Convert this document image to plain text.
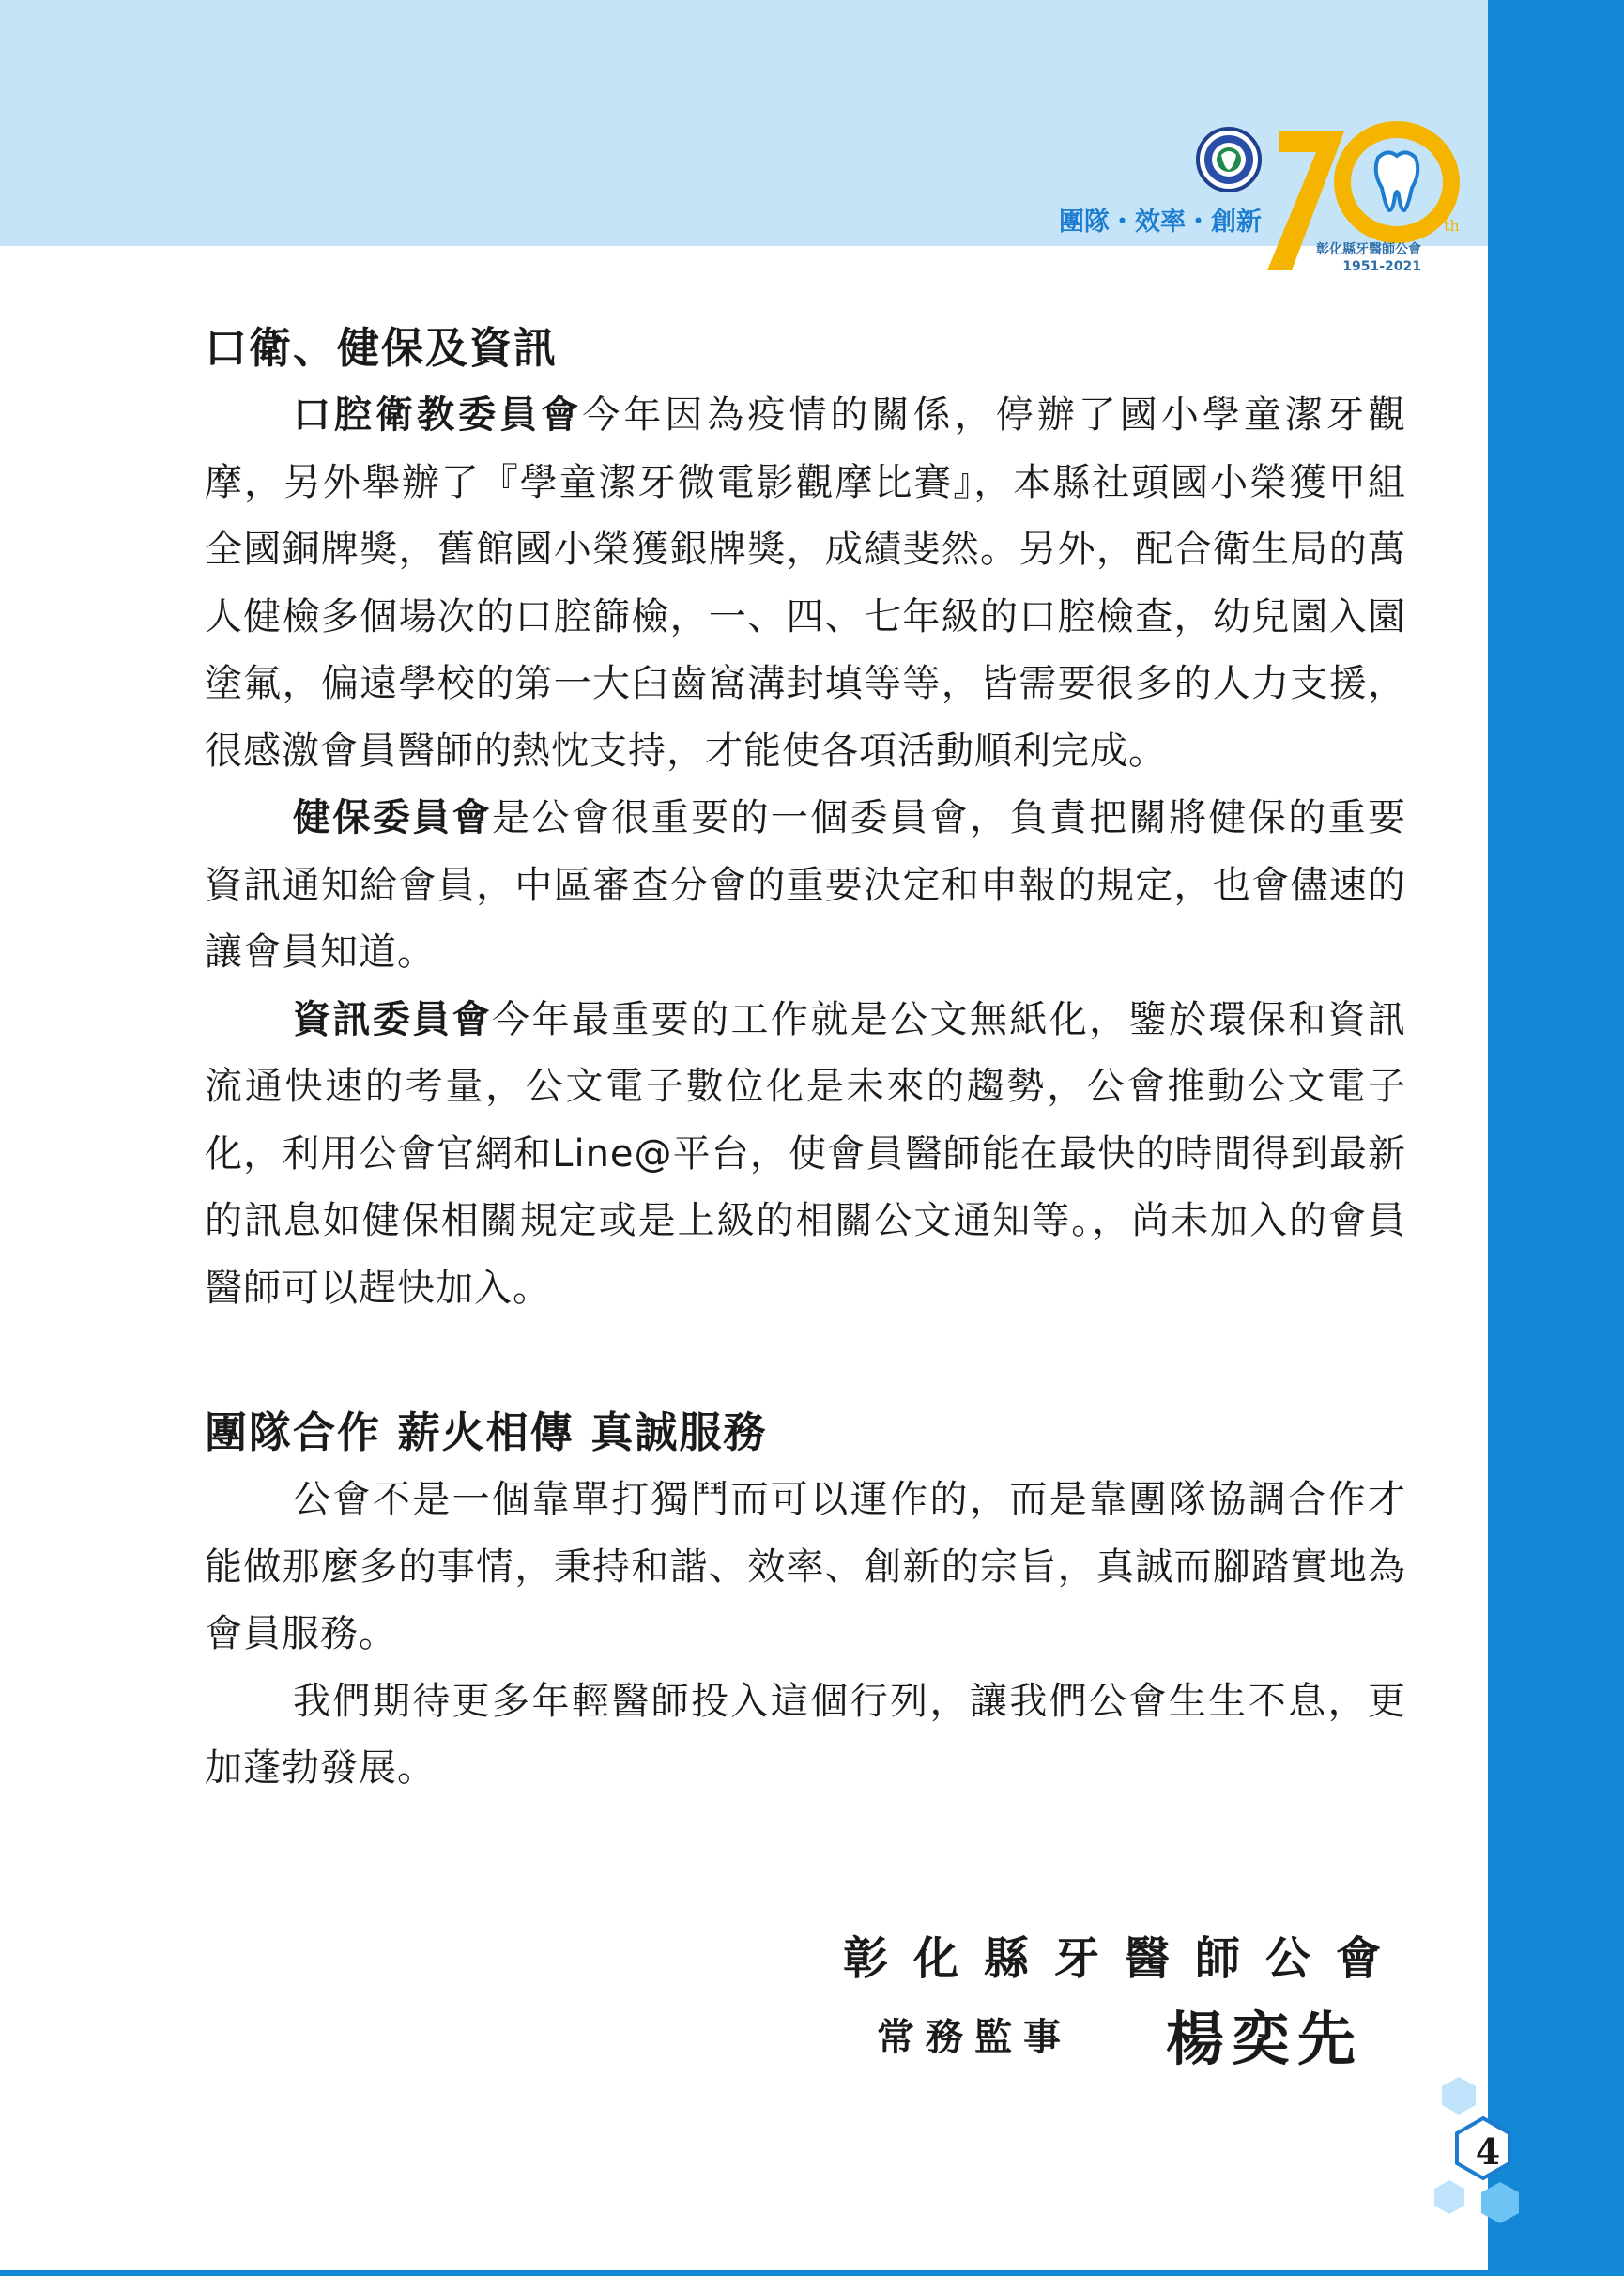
團隊・效率・創新	th
彰化縣牙醫師公會
1951-2021
口衛、健保及資訊

口腔衛教委員會今年因為疫情的關係，停辦了國小學童潔牙觀摩，另外舉辦了『學童潔牙微電影觀摩比賽』，本縣社頭國小榮獲甲組全國銅牌獎，舊館國小榮獲銀牌獎，成績斐然。另外，配合衛生局的萬人健檢多個場次的口腔篩檢，一、四、七年級的口腔檢查，幼兒園入園塗氟，偏遠學校的第一大臼齒窩溝封填等等，皆需要很多的人力支援，很感激會員醫師的熱忱支持，才能使各項活動順利完成。

健保委員會是公會很重要的一個委員會，負責把關將健保的重要資訊通知給會員，中區審查分會的重要決定和申報的規定，也會儘速的讓會員知道。

資訊委員會今年最重要的工作就是公文無紙化，鑒於環保和資訊流通快速的考量，公文電子數位化是未來的趨勢，公會推動公文電子化，利用公會官網和Line@平台，使會員醫師能在最快的時間得到最新的訊息如健保相關規定或是上級的相關公文通知等。，尚未加入的會員醫師可以趕快加入。

團隊合作 薪火相傳 真誠服務

公會不是一個靠單打獨鬥而可以運作的，而是靠團隊協調合作才能做那麼多的事情，秉持和諧、效率、創新的宗旨，真誠而腳踏實地為會員服務。

我們期待更多年輕醫師投入這個行列，讓我們公會生生不息，更加蓬勃發展。

彰化縣牙醫師公會
常務監事 楊奕先
4
